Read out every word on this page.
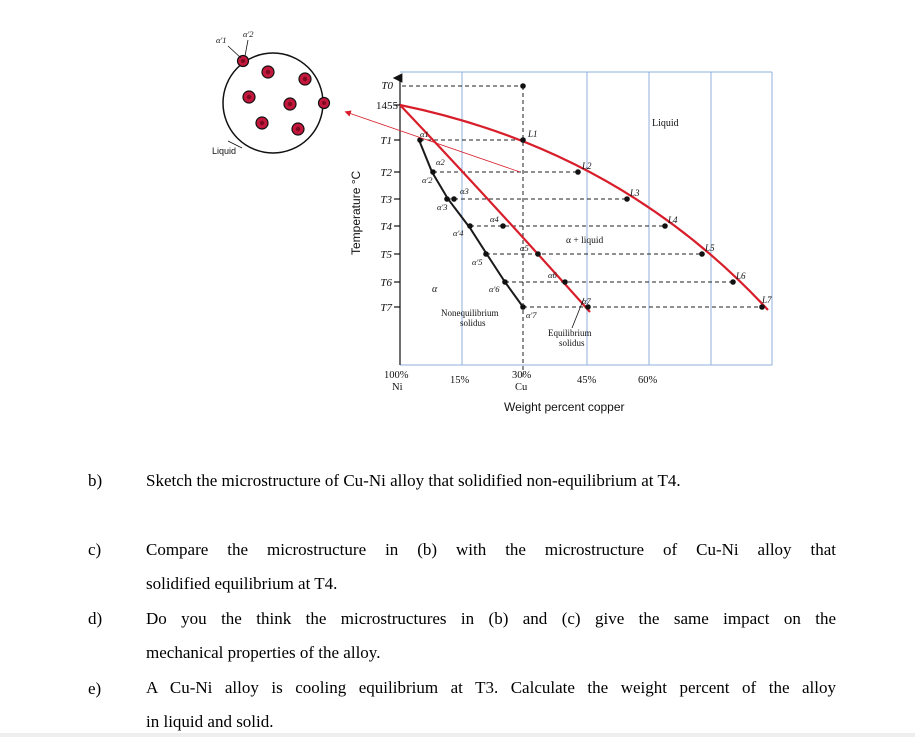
T0
1455
T1
T2
T3
T4
T5
T6
T7
Temperature °C
100%
Ni
15%	30%
Cu
45%	60%
Weight percent copper
Liquid
α + liquid
α
Nonequilibrium
solidus
Equilibrium
solidus
L1
L2
L3
L4
L5
L6
L7
α1
α2
α3
α4
α5
α6
α7
α'2
α'3
α'4
α'5
α'6
α'7
α'1
α'2
Liquid
b)	Sketch the microstructure of Cu-Ni alloy that solidified non-equilibrium at T4.
c)	Compare the microstructure in (b) with the microstructure of Cu-Ni alloy that
solidified equilibrium at T4.
d)	Do you the think the microstructures in (b) and (c) give the same impact on the
mechanical properties of the alloy.
e)	A Cu-Ni alloy is cooling equilibrium at T3. Calculate the weight percent of the alloy
in liquid and solid.
